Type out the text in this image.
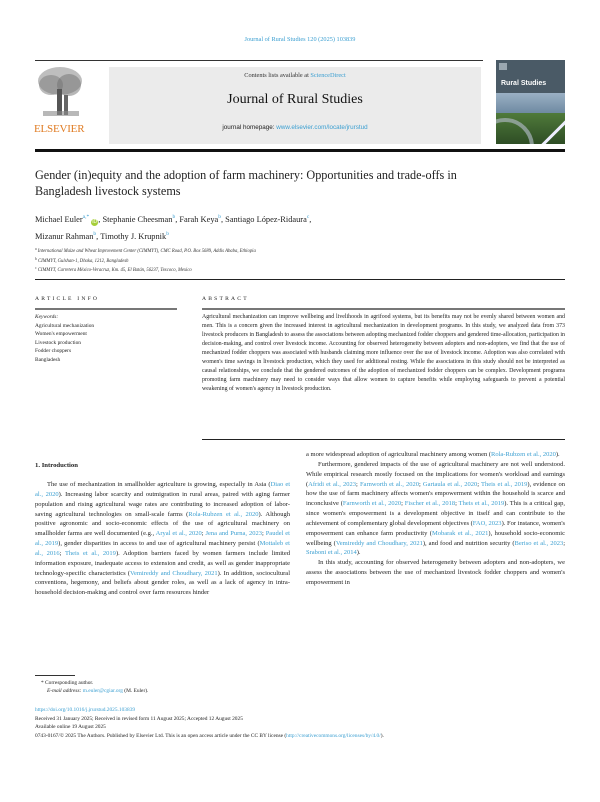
Journal of Rural Studies 120 (2025) 103839
ELSEVIER
Contents lists available at ScienceDirect
Journal of Rural Studies
journal homepage: www.elsevier.com/locate/jrurstud
Rural Studies
Gender (in)equity and the adoption of farm machinery: Opportunities and trade-offs in Bangladesh livestock systems
Michael Euler$^{a,*}$iD, Stephanie Cheesman$^b$, Farah Keya$^b$, Santiago López-Ridaura$^c$,
Mizanur Rahman$^b$, Timothy J. Krupnik$^b$
$^a$ International Maize and Wheat Improvement Center (CIMMYT), CMC Road, P.O. Box 5689, Addis Ababa, Ethiopia
$^b$ CIMMYT, Gulshan-1, Dhaka, 1212, Bangladesh
$^c$ CIMMYT, Carretera México-Veracruz, Km. 45, El Batán, 56237, Texcoco, Mexico
ARTICLE INFO	ABSTRACT
Keywords:
Agricultural mechanization
Women's empowerment
Livestock production
Fodder choppers
Bangladesh
Agricultural mechanization can improve wellbeing and livelihoods in agrifood systems, but its benefits may not be evenly shared between women and men. This is a concern given the increased interest in agricultural mechanization in development programs. In this study, we analyzed data from 373 livestock producers in Bangladesh to assess the associations between adopting mechanized fodder choppers and gendered time-allocation, participation in decision-making, and control over livestock income. Accounting for observed heterogeneity between adopters and non-adopters, we find that the use of mechanized fodder choppers was associated with husbands claiming more influence over the use of livestock income. Adoption was also correlated with women's time savings in livestock production, which they used for additional resting. While the associations in this study should not be interpreted as causal relationships, we conclude that the gendered outcomes of the adoption of mechanized fodder choppers can be complex. Development programs promoting farm machinery may need to consider ways that allow women to capture benefits while employing safeguards to prevent a potential weakening of women's agency in livestock production.
1. Introduction

The use of mechanization in smallholder agriculture is growing, especially in Asia (Diao et al., 2020). Increasing labor scarcity and outmigration in rural areas, paired with aging farmer population and rising agricultural wage rates are contributing to increased adoption of labor-saving agricultural technologies on small-scale farms (Rola-Rubzen et al., 2020). Although positive agronomic and socio-economic effects of the use of agricultural machinery on smallholder farms are well documented (e.g., Aryal et al., 2020; Jena and Purna, 2023; Paudel et al., 2019), gender disparities in access to and use of agricultural machinery persist (Mottaleb et al., 2016; Theis et al., 2019). Adoption barriers faced by women farmers include limited information exposure, inadequate access to extension and credit, as well as gender inappropriate technology-specific characteristics (Vemireddy and Choudhary, 2021). In addition, sociocultural conventions, hegemony, and beliefs about gender roles, as well as a lack of agency in intra-household decision-making and control over farm resources hinder

a more widespread adoption of agricultural machinery among women (Rola-Rubzen et al., 2020).

Furthermore, gendered impacts of the use of agricultural machinery are not well understood. While empirical research mostly focused on the implications for women's workload and earnings (Afridi et al., 2023; Farnworth et al., 2020; Gartaula et al., 2020; Theis et al., 2019), evidence on how the use of farm machinery affects women's empowerment within the household is scarce and inconclusive (Farnworth et al., 2020; Fischer et al., 2018; Theis et al., 2019). This is a critical gap, since women's empowerment is a development objective in itself and can contribute to the achievement of complementary global development objectives (FAO, 2023). For instance, women's empowerment can enhance farm productivity (Mobarak et al., 2021), household socio-economic wellbeing (Vemireddy and Choudhary, 2021), and food and nutrition security (Beriso et al., 2023; Sraboni et al., 2014).

In this study, accounting for observed heterogeneity between adopters and non-adopters, we assess the associations between the use of mechanized livestock fodder choppers and women's empowerment in

* Corresponding author.
E-mail address: m.euler@cgiar.org (M. Euler).
https://doi.org/10.1016/j.jrurstud.2025.103839
Received 31 January 2025; Received in revised form 11 August 2025; Accepted 12 August 2025
Available online 19 August 2025
0743-0167/© 2025 The Authors. Published by Elsevier Ltd. This is an open access article under the CC BY license (http://creativecommons.org/licenses/by/4.0/).
